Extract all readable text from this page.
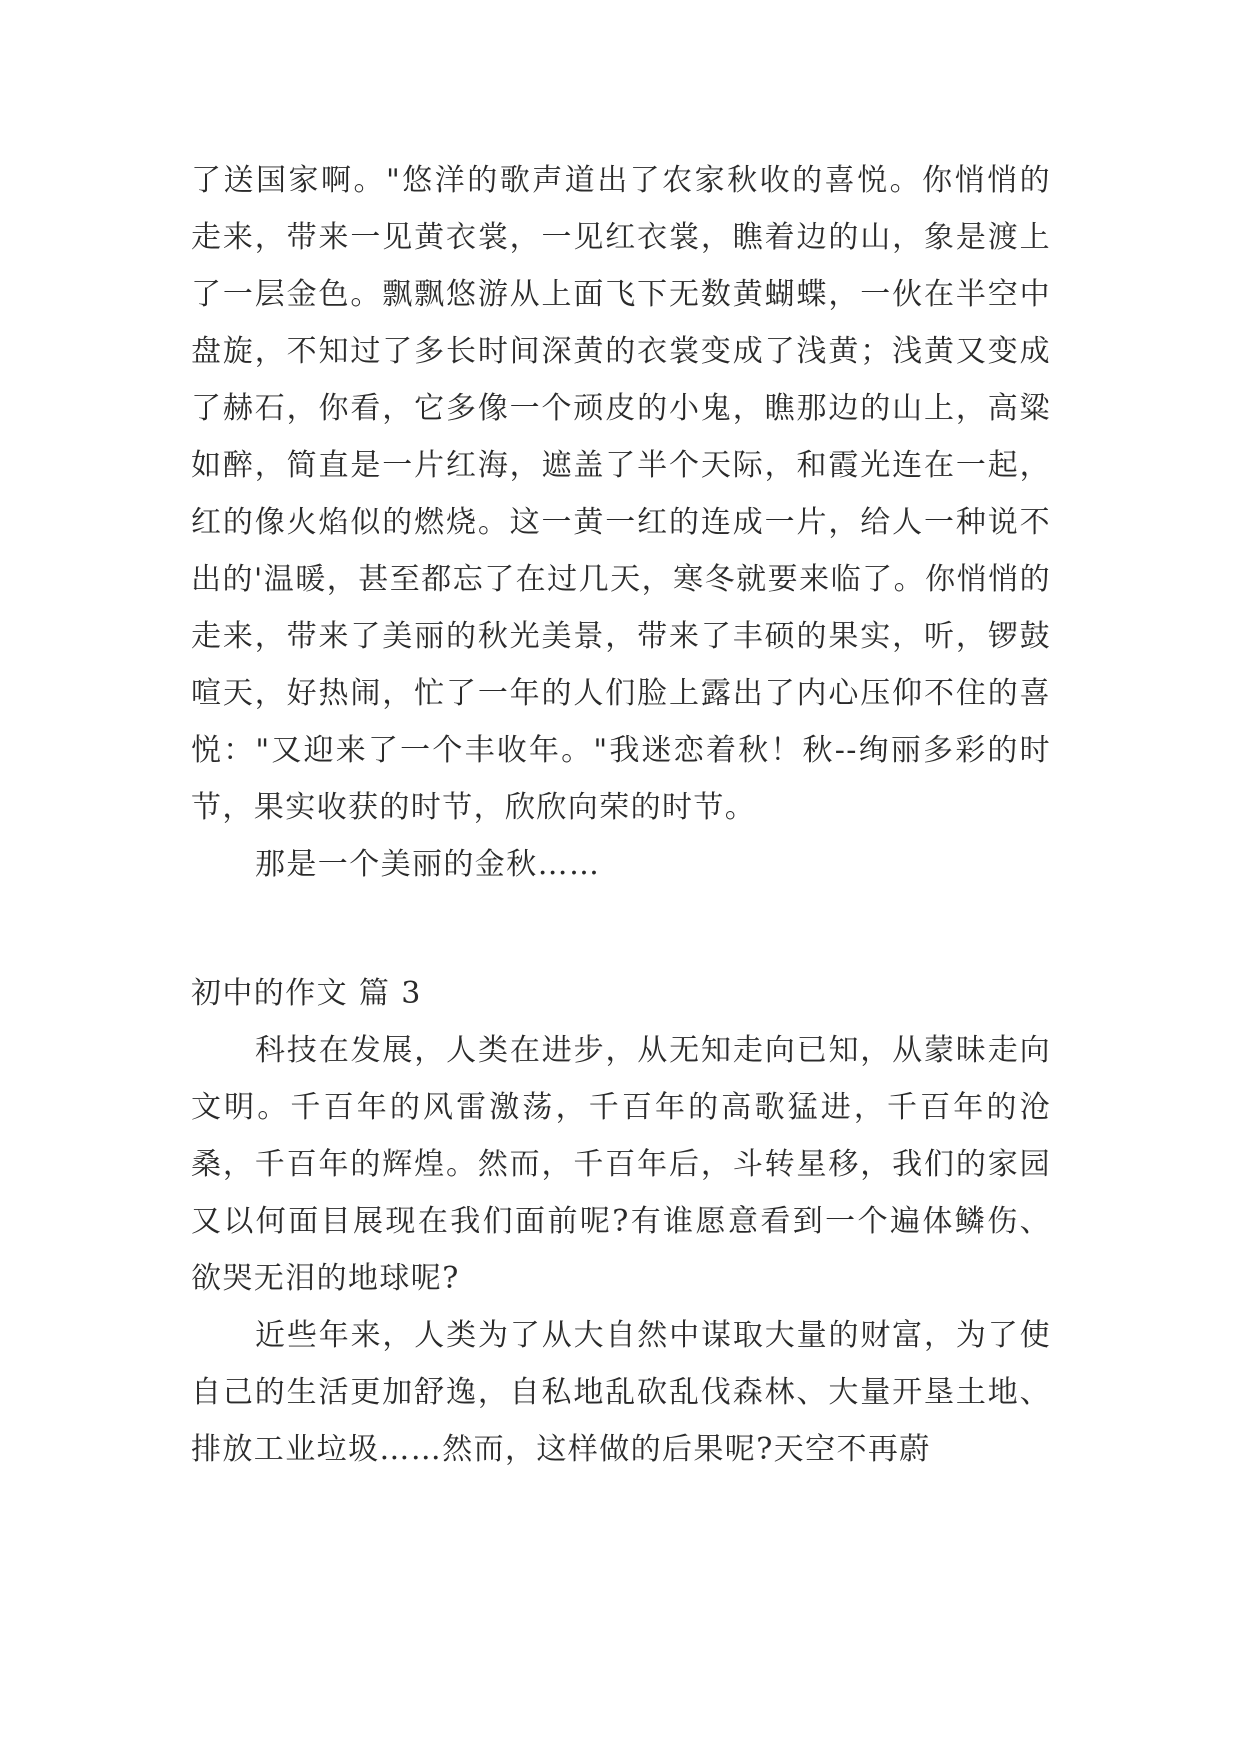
了送国家啊。"悠洋的歌声道出了农家秋收的喜悦。你悄悄的走来，带来一见黄衣裳，一见红衣裳，瞧着边的山，象是渡上了一层金色。飘飘悠游从上面飞下无数黄蝴蝶，一伙在半空中盘旋，不知过了多长时间深黄的衣裳变成了浅黄；浅黄又变成了赫石，你看，它多像一个顽皮的小鬼，瞧那边的山上，高粱如醉，简直是一片红海，遮盖了半个天际，和霞光连在一起，红的像火焰似的燃烧。这一黄一红的连成一片，给人一种说不出的'温暖，甚至都忘了在过几天，寒冬就要来临了。你悄悄的走来，带来了美丽的秋光美景，带来了丰硕的果实，听，锣鼓喧天，好热闹，忙了一年的人们脸上露出了内心压仰不住的喜悦："又迎来了一个丰收年。"我迷恋着秋！秋--绚丽多彩的时节，果实收获的时节，欣欣向荣的时节。

那是一个美丽的金秋……

初中的作文 篇 3

科技在发展，人类在进步，从无知走向已知，从蒙昧走向文明。千百年的风雷激荡，千百年的高歌猛进，千百年的沧桑，千百年的辉煌。然而，千百年后，斗转星移，我们的家园又以何面目展现在我们面前呢?有谁愿意看到一个遍体鳞伤、欲哭无泪的地球呢?

近些年来，人类为了从大自然中谋取大量的财富，为了使自己的生活更加舒逸，自私地乱砍乱伐森林、大量开垦土地、排放工业垃圾……然而，这样做的后果呢?天空不再蔚
